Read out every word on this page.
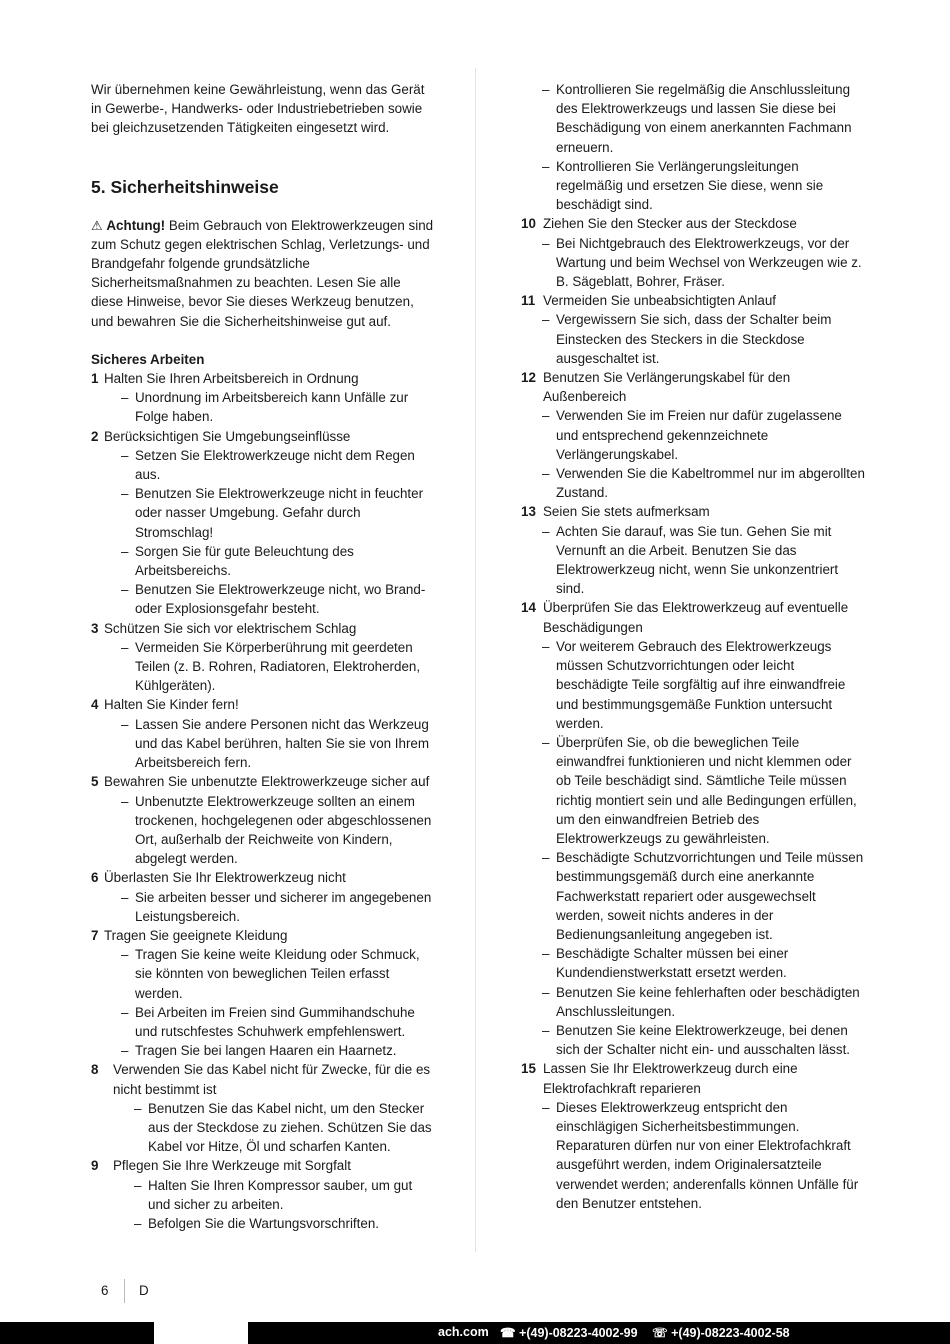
Wir übernehmen keine Gewährleistung, wenn das Gerät in Gewerbe-, Handwerks- oder Industriebetrieben sowie bei gleichzusetzenden Tätigkeiten eingesetzt wird.

5. Sicherheitshinweise

⚠ Achtung! Beim Gebrauch von Elektrowerkzeugen sind zum Schutz gegen elektrischen Schlag, Verletzungs- und Brandgefahr folgende grundsätzliche Sicherheitsmaßnahmen zu beachten. Lesen Sie alle diese Hinweise, bevor Sie dieses Werkzeug benutzen, und bewahren Sie die Sicherheitshinweise gut auf.

Sicheres Arbeiten

1 Halten Sie Ihren Arbeitsbereich in Ordnung
– Unordnung im Arbeitsbereich kann Unfälle zur Folge haben.
2 Berücksichtigen Sie Umgebungseinflüsse
– Setzen Sie Elektrowerkzeuge nicht dem Regen aus.
– Benutzen Sie Elektrowerkzeuge nicht in feuchter oder nasser Umgebung. Gefahr durch Stromschlag!
– Sorgen Sie für gute Beleuchtung des Arbeitsbereichs.
– Benutzen Sie Elektrowerkzeuge nicht, wo Brand- oder Explosionsgefahr besteht.
3 Schützen Sie sich vor elektrischem Schlag
– Vermeiden Sie Körperberührung mit geerdeten Teilen (z. B. Rohren, Radiatoren, Elektroherden, Kühlgeräten).
4 Halten Sie Kinder fern!
– Lassen Sie andere Personen nicht das Werkzeug und das Kabel berühren, halten Sie sie von Ihrem Arbeitsbereich fern.
5 Bewahren Sie unbenutzte Elektrowerkzeuge sicher auf
– Unbenutzte Elektrowerkzeuge sollten an einem trockenen, hochgelegenen oder abgeschlossenen Ort, außerhalb der Reichweite von Kindern, abgelegt werden.
6 Überlasten Sie Ihr Elektrowerkzeug nicht
– Sie arbeiten besser und sicherer im angegebenen Leistungsbereich.
7 Tragen Sie geeignete Kleidung
– Tragen Sie keine weite Kleidung oder Schmuck, sie könnten von beweglichen Teilen erfasst werden.
– Bei Arbeiten im Freien sind Gummihandschuhe und rutschfestes Schuhwerk empfehlenswert.
– Tragen Sie bei langen Haaren ein Haarnetz.
8 Verwenden Sie das Kabel nicht für Zwecke, für die es nicht bestimmt ist
– Benutzen Sie das Kabel nicht, um den Stecker aus der Steckdose zu ziehen. Schützen Sie das Kabel vor Hitze, Öl und scharfen Kanten.
9 Pflegen Sie Ihre Werkzeuge mit Sorgfalt
– Halten Sie Ihren Kompressor sauber, um gut und sicher zu arbeiten.
– Befolgen Sie die Wartungsvorschriften.
– Kontrollieren Sie regelmäßig die Anschlussleitung des Elektrowerkzeugs und lassen Sie diese bei Beschädigung von einem anerkannten Fachmann erneuern.
– Kontrollieren Sie Verlängerungsleitungen regelmäßig und ersetzen Sie diese, wenn sie beschädigt sind.
10 Ziehen Sie den Stecker aus der Steckdose
– Bei Nichtgebrauch des Elektrowerkzeugs, vor der Wartung und beim Wechsel von Werkzeugen wie z. B. Sägeblatt, Bohrer, Fräser.
11 Vermeiden Sie unbeabsichtigten Anlauf
– Vergewissern Sie sich, dass der Schalter beim Einstecken des Steckers in die Steckdose ausgeschaltet ist.
12 Benutzen Sie Verlängerungskabel für den Außenbereich
– Verwenden Sie im Freien nur dafür zugelassene und entsprechend gekennzeichnete Verlängerungskabel.
– Verwenden Sie die Kabeltrommel nur im abgerollten Zustand.
13 Seien Sie stets aufmerksam
– Achten Sie darauf, was Sie tun. Gehen Sie mit Vernunft an die Arbeit. Benutzen Sie das Elektrowerkzeug nicht, wenn Sie unkonzentriert sind.
14 Überprüfen Sie das Elektrowerkzeug auf eventuelle Beschädigungen
– Vor weiterem Gebrauch des Elektrowerkzeugs müssen Schutzvorrichtungen oder leicht beschädigte Teile sorgfältig auf ihre einwandfreie und bestimmungsgemäße Funktion untersucht werden.
– Überprüfen Sie, ob die beweglichen Teile einwandfrei funktionieren und nicht klemmen oder ob Teile beschädigt sind. Sämtliche Teile müssen richtig montiert sein und alle Bedingungen erfüllen, um den einwandfreien Betrieb des Elektrowerkzeugs zu gewährleisten.
– Beschädigte Schutzvorrichtungen und Teile müssen bestimmungsgemäß durch eine anerkannte Fachwerkstatt repariert oder ausgewechselt werden, soweit nichts anderes in der Bedienungsanleitung angegeben ist.
– Beschädigte Schalter müssen bei einer Kundendienstwerkstatt ersetzt werden.
– Benutzen Sie keine fehlerhaften oder beschädigten Anschlussleitungen.
– Benutzen Sie keine Elektrowerkzeuge, bei denen sich der Schalter nicht ein- und ausschalten lässt.
15 Lassen Sie Ihr Elektrowerkzeug durch eine Elektrofachkraft reparieren
– Dieses Elektrowerkzeug entspricht den einschlägigen Sicherheitsbestimmungen. Reparaturen dürfen nur von einer Elektrofachkraft ausgeführt werden, indem Originalersatzteile verwendet werden; anderenfalls können Unfälle für den Benutzer entstehen.
6 D
ach.com ☎ +(49)-08223-4002-99 ☏ +(49)-08223-4002-58
